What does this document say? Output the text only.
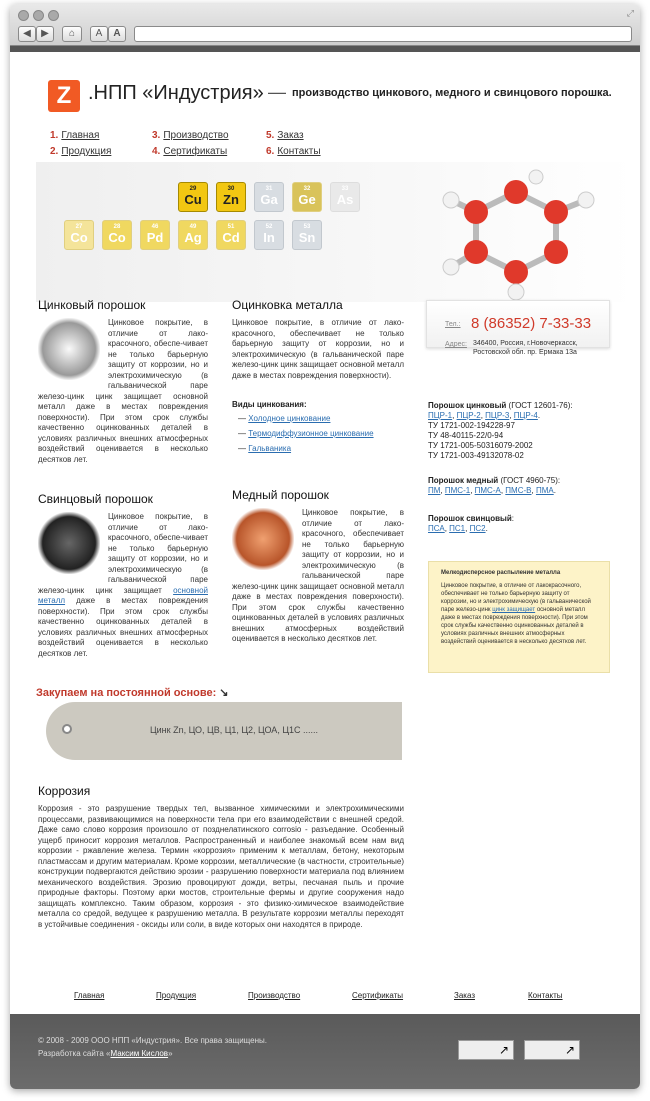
◀	▶	⌂	A	A
⤢
Z .НПП «Индустрия» — производство цинкового, медного и свинцового порошка.
1. Главная
2. Продукция
3. Производство
4. Сертификаты
5. Заказ
6. Контакты
29
Cu
30
Zn
31
Ga
32
Ge
33
As
27
Co
28
Co
46
Pd
49
Ag
51
Cd
52
In
53
Sn
Цинковый порошок
Цинковое покрытие, в отличие от лако-красочного, обеспе-чивает не только барьерную защиту от коррозии, но и электрохимическую (в гальванической паре железо-цинк цинк защищает основной металл даже в местах повреждения поверхности). При этом срок службы качественно оцинкованных деталей в условиях различных внешних атмосферных воздействий оценивается в несколько десятков лет.
Свинцовый порошок
Цинковое покрытие, в отличие от лако-красочного, обеспе-чивает не только барьерную защиту от коррозии, но и электрохимическую (в гальванической паре железо-цинк цинк защищает основной металл даже в местах повреждения поверхности). При этом срок службы качественно оцинкованных деталей в условиях различных внешних атмосферных воздействий оценивается в несколько десятков лет.
Оцинковка металла
Цинковое покрытие, в отличие от лако-красочного, обеспечивает не только барьерную защиту от коррозии, но и электрохимическую (в гальванической паре железо-цинк цинк защищает основной металл даже в местах повреждения поверхности).
Виды цинкования:
— Холодное цинкование
— Термодиффузионное цинкование
— Гальваника
Медный порошок
Цинковое покрытие, в отличие от лако-красочного, обеспечивает не только барьерную защиту от коррозии, но и электрохимическую (в гальванической паре железо-цинк цинк защищает основной металл даже в местах повреждения поверхности). При этом срок службы качественно оцинкованных деталей в условиях различных внешних атмосферных воздействий оценивается в несколько десятков лет.
Тел.: 8 (86352) 7-33-33
Адрес: 346400, Россия, г.Новочеркасск, Ростовской обл. пр. Ермака 13а
Порошок цинковый (ГОСТ 12601-76):
ПЦР-1, ПЦР-2, ПЦР-3, ПЦР-4.
ТУ 1721-002-194228-97
ТУ 48-40115-22/0-94
ТУ 1721-005-50316079-2002
ТУ 1721-003-49132078-02
Порошок медный (ГОСТ 4960-75):
ПМ, ПМС-1, ПМС-А, ПМС-В, ПМА.
Порошок свинцовый:
ПСА, ПС1, ПС2.
Мелкодисперсное распыление металла
Цинковое покрытие, в отличие от лакокрасочного, обеспечивает не только барьерную защиту от коррозии, но и электрохимическую (в гальванической паре железо-цинк цинк защищает основной металл даже в местах повреждения поверхности). При этом срок службы качественно оцинкованных деталей в условиях различных внешних атмосферных воздействий оценивается в несколько десятков лет.
Закупаем на постоянной основе: ↘
Цинк Zn, ЦО, ЦВ, Ц1, Ц2, ЦОА, Ц1С ......
Коррозия
Коррозия - это разрушение твердых тел, вызванное химическими и электрохимическими процессами, развивающимися на поверхности тела при его взаимодействии с внешней средой. Даже само слово коррозия произошло от позднелатинского corrosio - разъедание. Особенный ущерб приносит коррозия металлов. Распространенный и наиболее знакомый всем нам вид коррозии - ржавление железа. Термин «коррозия» применим к металлам, бетону, некоторым пластмассам и другим материалам. Кроме коррозии, металлические (в частности, строительные) конструкции подвергаются действию эрозии - разрушению поверхности материала под влиянием механического воздействия. Эрозию провоцируют дожди, ветры, песчаная пыль и прочие природные факторы. Поэтому арки мостов, строительные фермы и другие сооружения надо защищать комплексно. Таким образом, коррозия - это физико-химическое взаимодействие металла со средой, ведущее к разрушению металла. В результате коррозии металлы переходят в устойчивые соединения - оксиды или соли, в виде которых они находятся в природе.
Главная	Продукция	Производство	Сертификаты	Заказ	Контакты
© 2008 - 2009 ООО НПП «Индустрия». Все права защищены.
Разработка сайта «Максим Кислов»	↗	↗
